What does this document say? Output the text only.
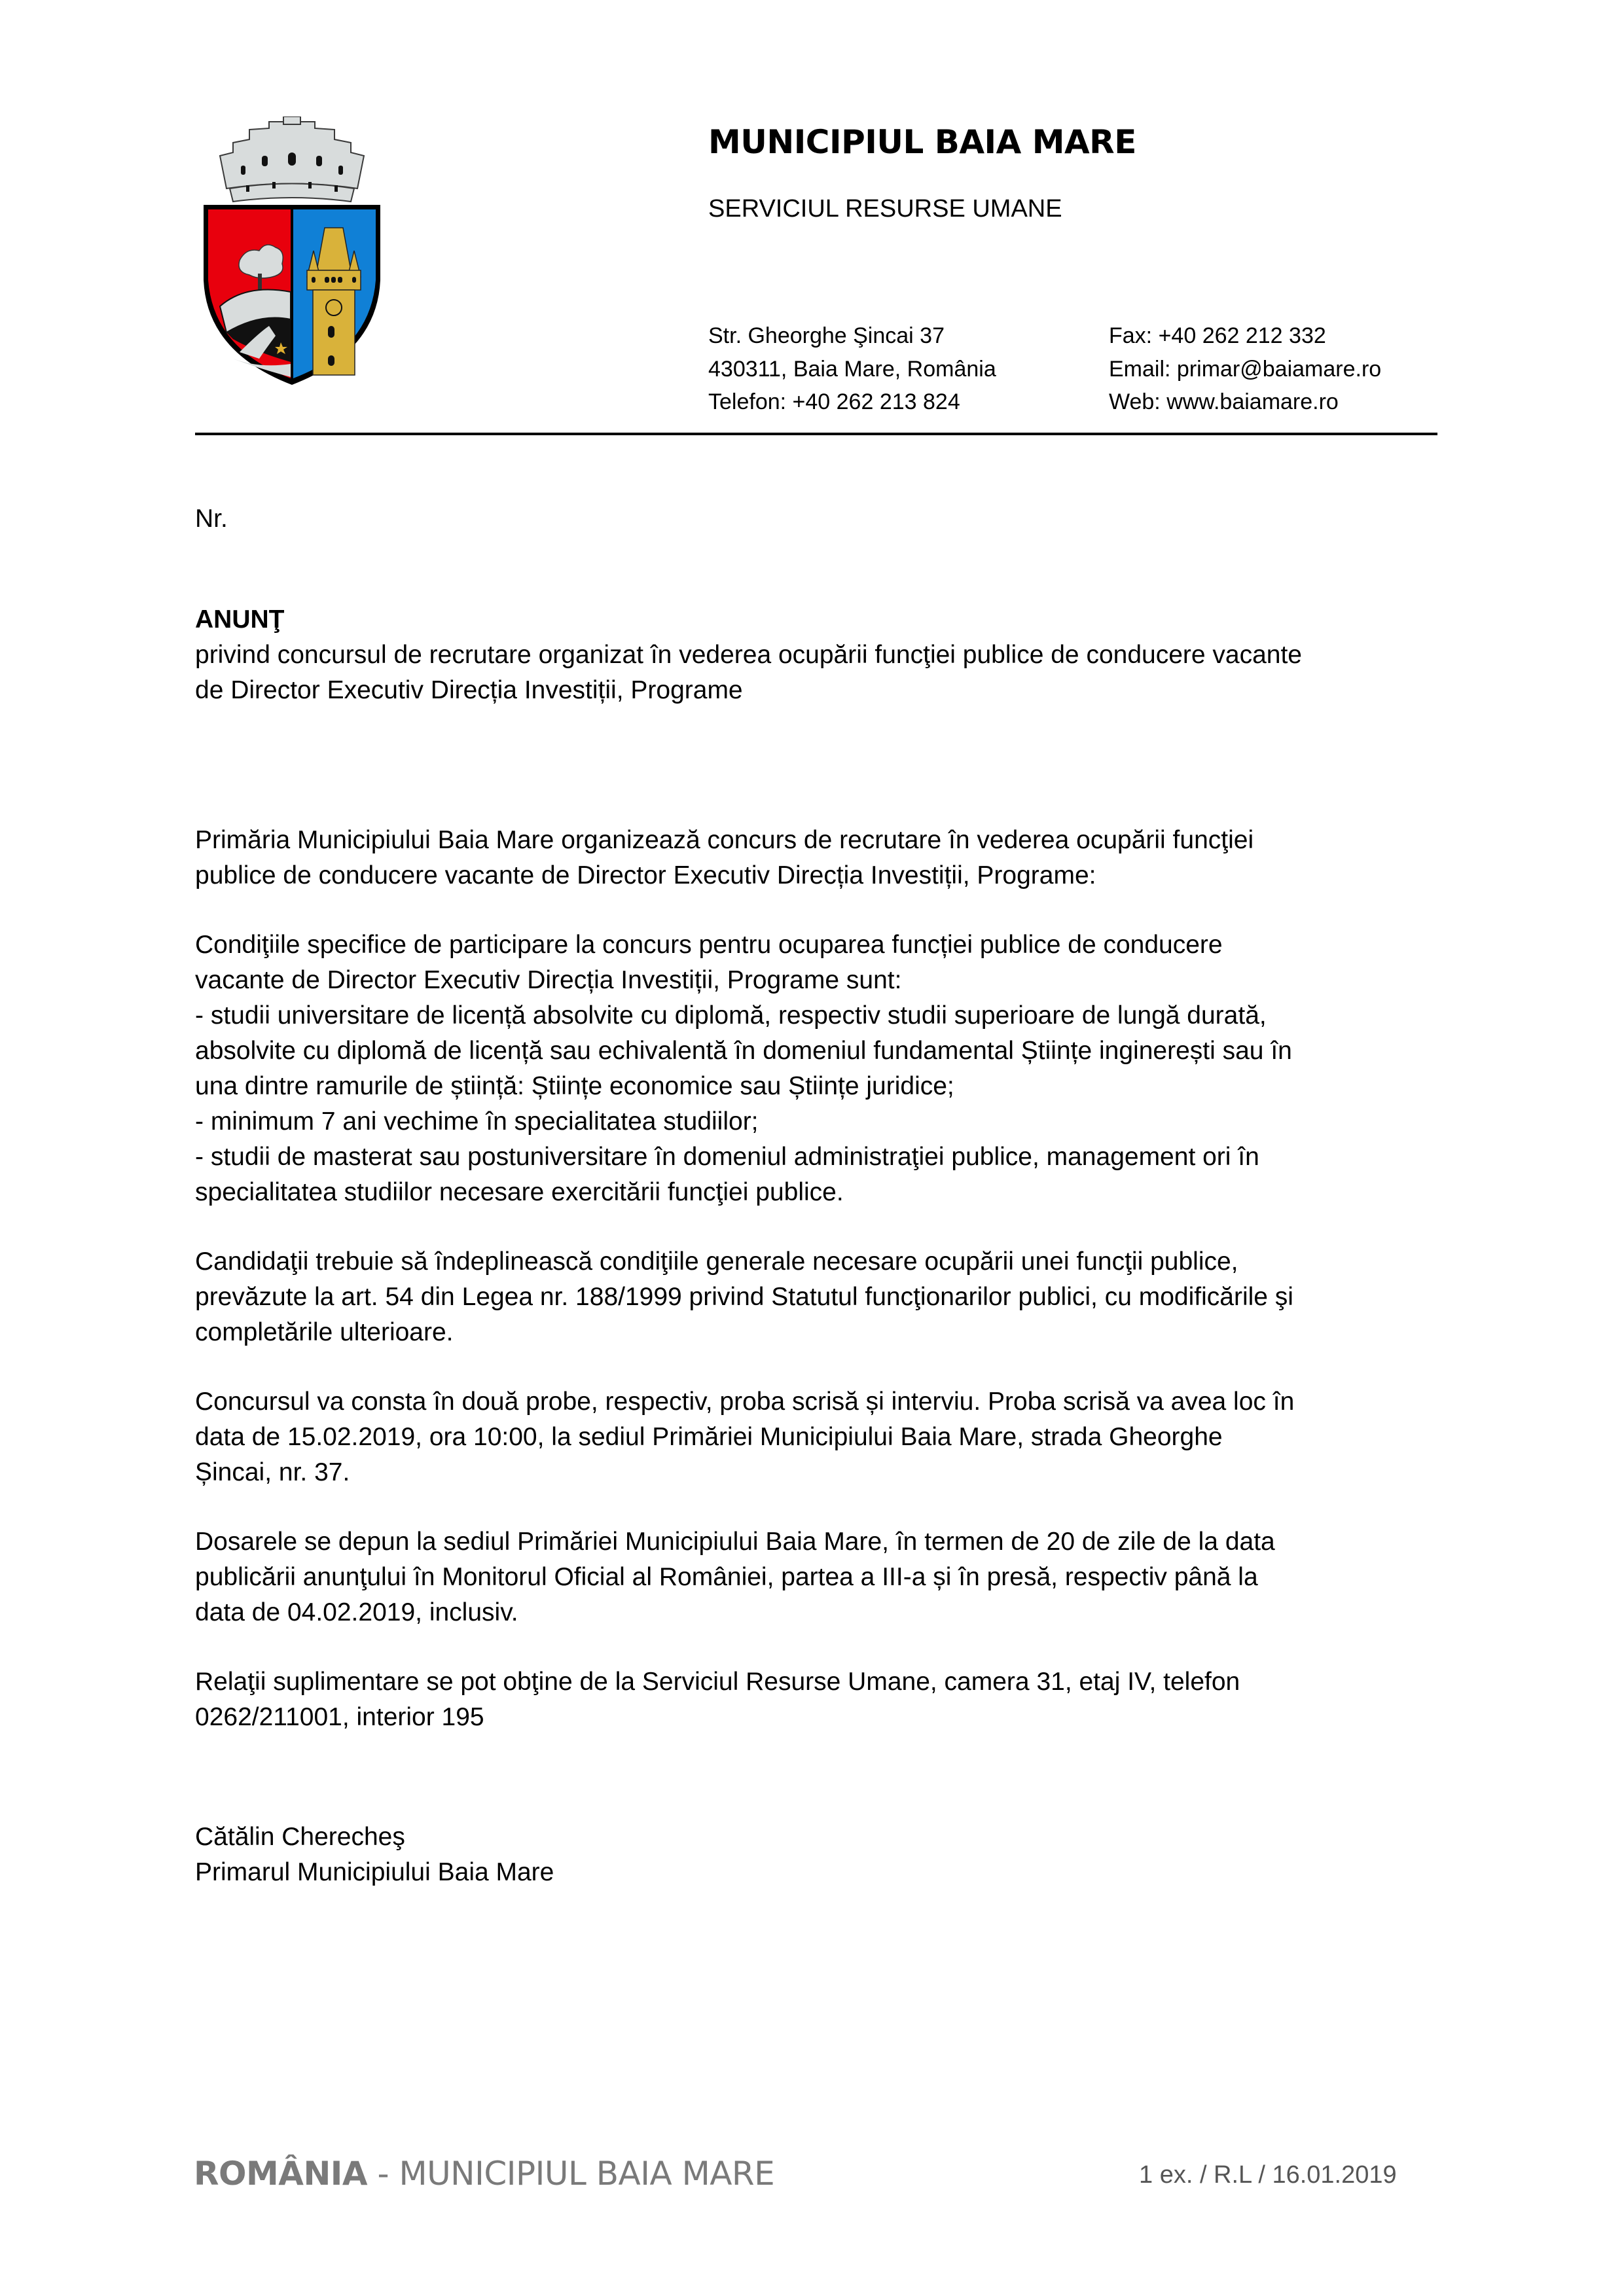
MUNICIPIUL BAIA MARE
SERVICIUL RESURSE UMANE
Str. Gheorghe Şincai 37
430311, Baia Mare, România
Telefon: +40 262 213 824
Fax: +40 262 212 332
Email: primar@baiamare.ro
Web: www.baiamare.ro
Nr.
ANUNŢ
privind concursul de recrutare organizat în vederea ocupării funcţiei publice de conducere vacante
de Director Executiv Direcția Investiții, Programe

Primăria Municipiului Baia Mare organizează concurs de recrutare în vederea ocupării funcţiei
publice de conducere vacante de Director Executiv Direcția Investiții, Programe:

Condiţiile specifice de participare la concurs pentru ocuparea funcției publice de conducere
vacante de Director Executiv Direcția Investiții, Programe sunt:
- studii universitare de licență absolvite cu diplomă, respectiv studii superioare de lungă durată,
absolvite cu diplomă de licență sau echivalentă în domeniul fundamental Științe inginerești sau în
una dintre ramurile de știință: Științe economice sau Științe juridice;
- minimum 7 ani vechime în specialitatea studiilor;
- studii de masterat sau postuniversitare în domeniul administraţiei publice, management ori în
specialitatea studiilor necesare exercitării funcţiei publice.

Candidaţii trebuie să îndeplinească condiţiile generale necesare ocupării unei funcţii publice,
prevăzute la art. 54 din Legea nr. 188/1999 privind Statutul funcţionarilor publici, cu modificările şi
completările ulterioare.

Concursul va consta în două probe, respectiv, proba scrisă și interviu. Proba scrisă va avea loc în
data de 15.02.2019, ora 10:00, la sediul Primăriei Municipiului Baia Mare, strada Gheorghe
Șincai, nr. 37.

Dosarele se depun la sediul Primăriei Municipiului Baia Mare, în termen de 20 de zile de la data
publicării anunţului în Monitorul Oficial al României, partea a III-a și în presă, respectiv până la
data de 04.02.2019, inclusiv.

Relaţii suplimentare se pot obţine de la Serviciul Resurse Umane, camera 31, etaj IV, telefon
0262/211001, interior 195

Cătălin Cherecheş
Primarul Municipiului Baia Mare
ROMÂNIA - MUNICIPIUL BAIA MARE	1 ex. / R.L / 16.01.2019
